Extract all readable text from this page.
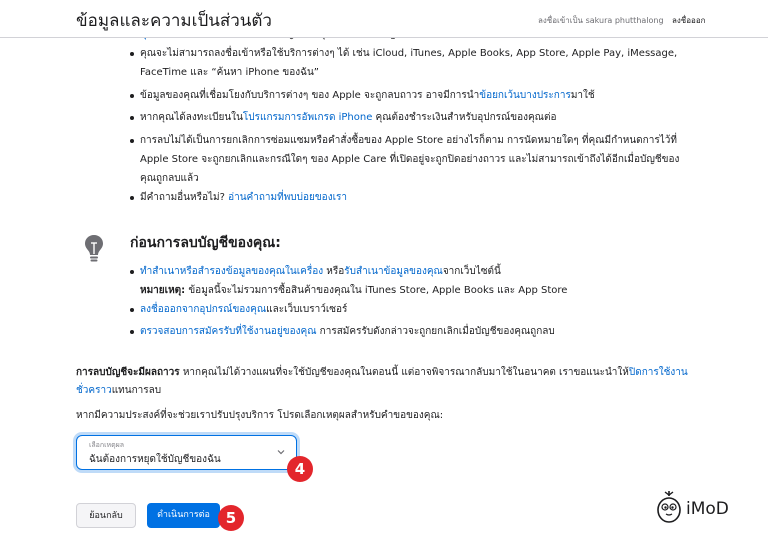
ข้อมูลและความเป็นส่วนตัว	ลงชื่อเข้าเป็น sakura phutthalong ลงชื่อออก
คุณจะไม่สามารถลงชื่อเข้าหรือใช้บริการต่างๆ ได้ เช่น iCloud, iTunes, Apple Books, App Store, Apple Pay, iMessage,
FaceTime และ “ค้นหา iPhone ของฉัน”
ข้อมูลของคุณที่เชื่อมโยงกับบริการต่างๆ ของ Apple จะถูกลบถาวร อาจมีการนำข้อยกเว้นบางประการมาใช้
หากคุณได้ลงทะเบียนในโปรแกรมการอัพเกรด iPhone คุณต้องชำระเงินสำหรับอุปกรณ์ของคุณต่อ
การลบไม่ได้เป็นการยกเลิกการซ่อมแซมหรือคำสั่งซื้อของ Apple Store อย่างไรก็ตาม การนัดหมายใดๆ ที่คุณมีกำหนดการไว้ที่
Apple Store จะถูกยกเลิกและกรณีใดๆ ของ Apple Care ที่เปิดอยู่จะถูกปิดอย่างถาวร และไม่สามารถเข้าถึงได้อีกเมื่อบัญชีของ
คุณถูกลบแล้ว
มีคำถามอื่นหรือไม่? อ่านคำถามที่พบบ่อยของเรา
ก่อนการลบบัญชีของคุณ:
ทำสำเนาหรือสำรองข้อมูลของคุณในเครื่อง หรือรับสำเนาข้อมูลของคุณจากเว็บไซต์นี้
หมายเหตุ: ข้อมูลนี้จะไม่รวมการซื้อสินค้าของคุณใน iTunes Store, Apple Books และ App Store
ลงชื่อออกจากอุปกรณ์ของคุณและเว็บเบราว์เซอร์
ตรวจสอบการสมัครรับที่ใช้งานอยู่ของคุณ การสมัครรับดังกล่าวจะถูกยกเลิกเมื่อบัญชีของคุณถูกลบ
การลบบัญชีจะมีผลถาวร หากคุณไม่ได้วางแผนที่จะใช้บัญชีของคุณในตอนนี้ แต่อาจพิจารณากลับมาใช้ในอนาคต เราขอแนะนำให้ปิดการใช้งานชั่วคราวแทนการลบ
หากมีความประสงค์ที่จะช่วยเราปรับปรุงบริการ โปรดเลือกเหตุผลสำหรับคำขอของคุณ:
เลือกเหตุผล
ฉันต้องการหยุดใช้บัญชีของฉัน
4
ย้อนกลับ	ดำเนินการต่อ	5	iMoD
